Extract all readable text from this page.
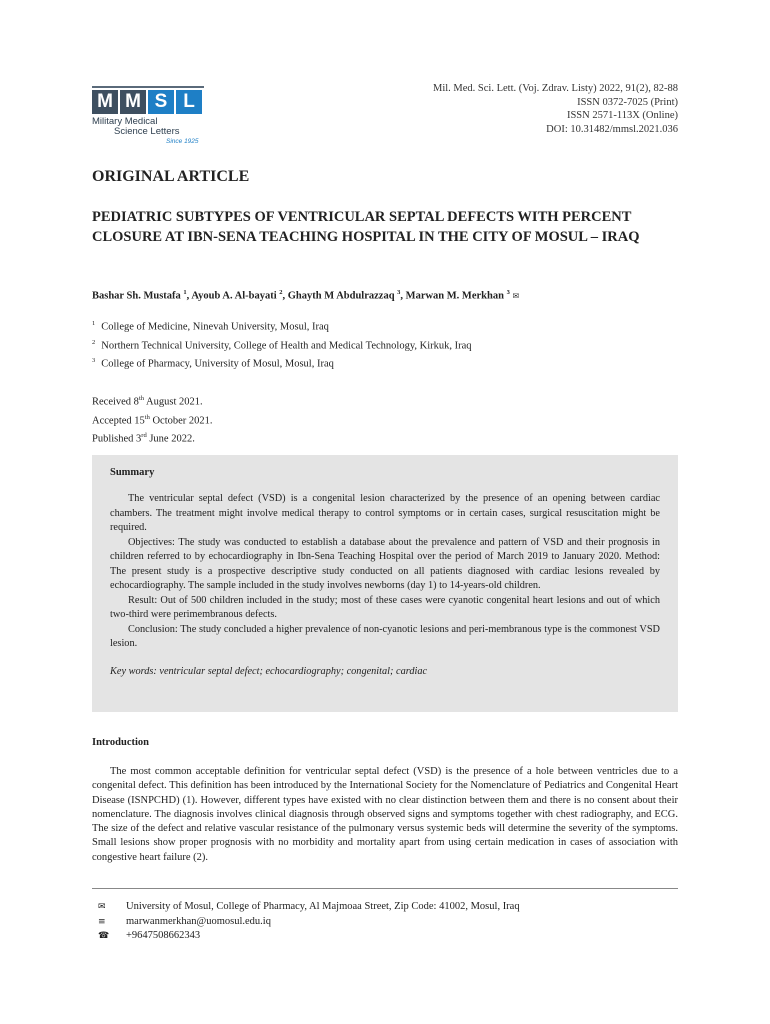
M M S L
Military Medical
Science Letters
Since 1925
Mil. Med. Sci. Lett. (Voj. Zdrav. Listy) 2022, 91(2), 82-88
ISSN 0372-7025 (Print)
ISSN 2571-113X (Online)
DOI: 10.31482/mmsl.2021.036
ORIGINAL ARTICLE
PEDIATRIC SUBTYPES OF VENTRICULAR SEPTAL DEFECTS WITH PERCENT CLOSURE AT IBN-SENA TEACHING HOSPITAL IN THE CITY OF MOSUL – IRAQ
Bashar Sh. Mustafa $^1$, Ayoub A. Al-bayati $^2$, Ghayth M Abdulrazzaq $^3$, Marwan M. Merkhan $^3$ ✉
$^1$ College of Medicine, Ninevah University, Mosul, Iraq
$^2$ Northern Technical University, College of Health and Medical Technology, Kirkuk, Iraq
$^3$ College of Pharmacy, University of Mosul, Mosul, Iraq
Received 8th August 2021.
Accepted 15th October 2021.
Published 3rd June 2022.
Summary

The ventricular septal defect (VSD) is a congenital lesion characterized by the presence of an opening between cardiac chambers. The treatment might involve medical therapy to control symptoms or in certain cases, surgical resuscitation might be required.

Objectives: The study was conducted to establish a database about the prevalence and pattern of VSD and their prognosis in children referred to by echocardiography in Ibn-Sena Teaching Hospital over the period of March 2019 to January 2020. Method: The present study is a prospective descriptive study conducted on all patients diagnosed with cardiac lesions revealed by echocardiography. The sample included in the study involves newborns (day 1) to 14-years-old children.

Result: Out of 500 children included in the study; most of these cases were cyanotic congenital heart lesions and out of which two-third were perimembranous defects.

Conclusion: The study concluded a higher prevalence of non-cyanotic lesions and peri-membranous type is the commonest VSD lesion.

Key words: ventricular septal defect; echocardiography; congenital; cardiac
Introduction

The most common acceptable definition for ventricular septal defect (VSD) is the presence of a hole between ventricles due to a congenital defect. This definition has been introduced by the International Society for the Nomenclature of Pediatrics and Congenital Heart Disease (ISNPCHD) (1). However, different types have existed with no clear distinction between them and there is no consent about their nomenclature. The diagnosis involves clinical diagnosis through observed signs and symptoms together with chest radiography, and ECG. The size of the defect and relative vascular resistance of the pulmonary versus systemic beds will determine the severity of the symptoms. Small lesions show proper prognosis with no morbidity and mortality apart from using certain medication in cases of association with congestive heart failure (2).

✉	University of Mosul, College of Pharmacy, Al Majmoaa Street, Zip Code: 41002, Mosul, Iraq
≡	marwanmerkhan@uomosul.edu.iq
☎	+9647508662343
